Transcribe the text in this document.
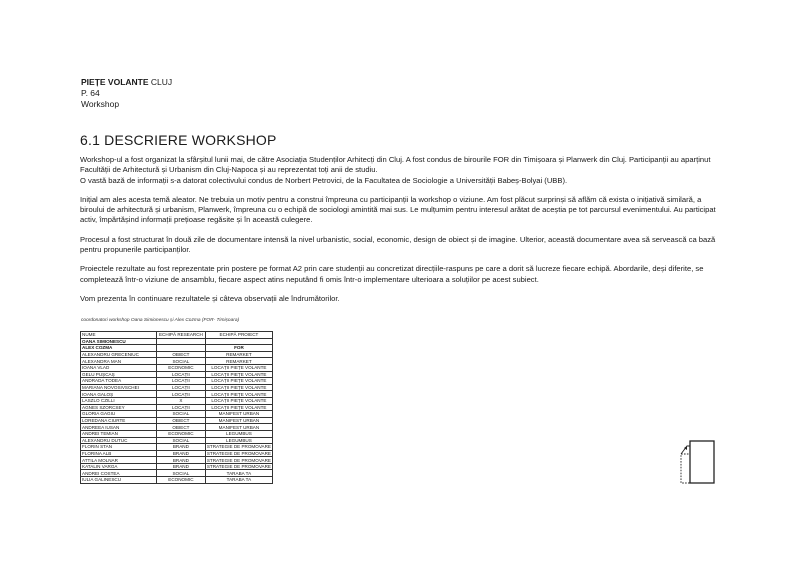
PIEȚE VOLANTE CLUJ
P. 64
Workshop
6.1 DESCRIERE WORKSHOP

Workshop-ul a fost organizat la sfârșitul lunii mai, de către Asociația Studenților Arhitecți din Cluj. A fost condus de birourile FOR din Timișoara și Planwerk din Cluj. Participanții au aparținut Facultății de Arhitectură și Urbanism din Cluj-Napoca și au reprezentat toți anii de studiu.
O vastă bază de informații s-a datorat colectivului condus de Norbert Petrovici, de la Facultatea de Sociologie a Universității Babeș-Bolyai (UBB).

Inițial am ales acesta temă aleator. Ne trebuia un motiv pentru a construi împreuna cu participanții la workshop o viziune. Am fost plăcut surprinși să aflăm că exista o inițiativă similară, a biroului de arhitectură și urbanism, Planwerk, împreuna cu o echipă de sociologi amintită mai sus. Le mulțumim pentru interesul arătat de aceștia pe tot parcursul evenimentului. Au participat activ, împărtășind informații prețioase regăsite și în această culegere.

Procesul a fost structurat în două zile de documentare intensă la nivel urbanistic, social, economic, design de obiect și de imagine. Ulterior, această documentare avea să servească ca bază pentru propunerile participanților.

Proiectele rezultate au fost reprezentate prin postere pe format A2 prin care studenții au concretizat direcțiile-raspuns pe care a dorit să lucreze fiecare echipă. Abordarile, deși diferite, se completează într-o viziune de ansamblu, fiecare aspect atins neputând fi omis într-o implementare ulterioara a soluțiilor pe acest subiect.

Vom prezenta în continuare rezultatele și câteva observații ale îndrumătorilor.

coordonatori workshop Oana Simionescu și Alex Cozma (FOR- Timișoara)
NUME	ECHIPĂ RESEARCH	ECHIPĂ PROIECT
OANA SIMIONESCU		
ALEX COZMA		FOR
ALEXANDRU GRECENIUC	OBIECT	REMARKET
ALEXANDRA MAN	SOCIAL	REMARKET
IOANA VLAD	ECONOMIC	LOCAȚII PIEȚE VOLANTE
GELU PUȘCAȘ	LOCAȚII	LOCAȚII PIEȚE VOLANTE
ANDRADA TODEA	LOCAȚII	LOCAȚII PIEȚE VOLANTE
MARIANA NOVOSIVSCHEI	LOCAȚII	LOCAȚII PIEȚE VOLANTE
IOANA GALOȘ	LOCAȚII	LOCAȚII PIEȚE VOLANTE
LASZLO CZILLI	X	LOCAȚII PIEȚE VOLANTE
AGNES SZORCSEY	LOCAȚII	LOCAȚII PIEȚE VOLANTE
GLORIA GAGIU	SOCIAL	MANIFEST URBAN
LOREDANA CIURTE	OBIECT	MANIFEST URBAN
ANDREEA IUSAN	OBIECT	MANIFEST URBAN
ANDREI TEMIAN	ECONOMIC	LEGUMBUS
ALEXANDRU DUTUC	SOCIAL	LEGUMBUS
FLORIN STAN	BRAND	STRATEGIE DE PROMOVARE
FLORINA ALB	BRAND	STRATEGIE DE PROMOVARE
ATTILA MOLNAR	BRAND	STRATEGIE DE PROMOVARE
KATALIN VARGA	BRAND	STRATEGIE DE PROMOVARE
ANDREI COSTEA	SOCIAL	TARABA TA
IULIA GALINESCU	ECONOMIC	TARABA TA
